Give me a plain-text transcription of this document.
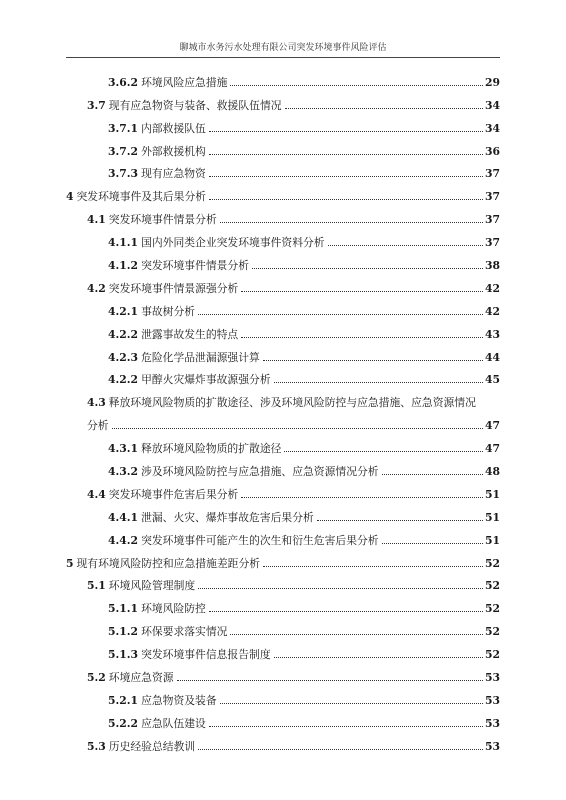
聊城市水务污水处理有限公司突发环境事件风险评估
3.6.2 环境风险应急措施	29
3.7 现有应急物资与装备、救援队伍情况	34
3.7.1 内部救援队伍	34
3.7.2 外部救援机构	36
3.7.3 现有应急物资	37
4 突发环境事件及其后果分析	37
4.1 突发环境事件情景分析	37
4.1.1 国内外同类企业突发环境事件资料分析	37
4.1.2 突发环境事件情景分析	38
4.2 突发环境事件情景源强分析	42
4.2.1 事故树分析	42
4.2.2 泄露事故发生的特点	43
4.2.3 危险化学品泄漏源强计算	44
4.2.2 甲醇火灾爆炸事故源强分析	45
4.3 释放环境风险物质的扩散途径、涉及环境风险防控与应急措施、应急资源情况
分析	47
4.3.1 释放环境风险物质的扩散途径	47
4.3.2 涉及环境风险防控与应急措施、应急资源情况分析	48
4.4 突发环境事件危害后果分析	51
4.4.1 泄漏、火灾、爆炸事故危害后果分析	51
4.4.2 突发环境事件可能产生的次生和衍生危害后果分析	51
5 现有环境风险防控和应急措施差距分析	52
5.1 环境风险管理制度	52
5.1.1 环境风险防控	52
5.1.2 环保要求落实情况	52
5.1.3 突发环境事件信息报告制度	52
5.2 环境应急资源	53
5.2.1 应急物资及装备	53
5.2.2 应急队伍建设	53
5.3 历史经验总结教训	53
